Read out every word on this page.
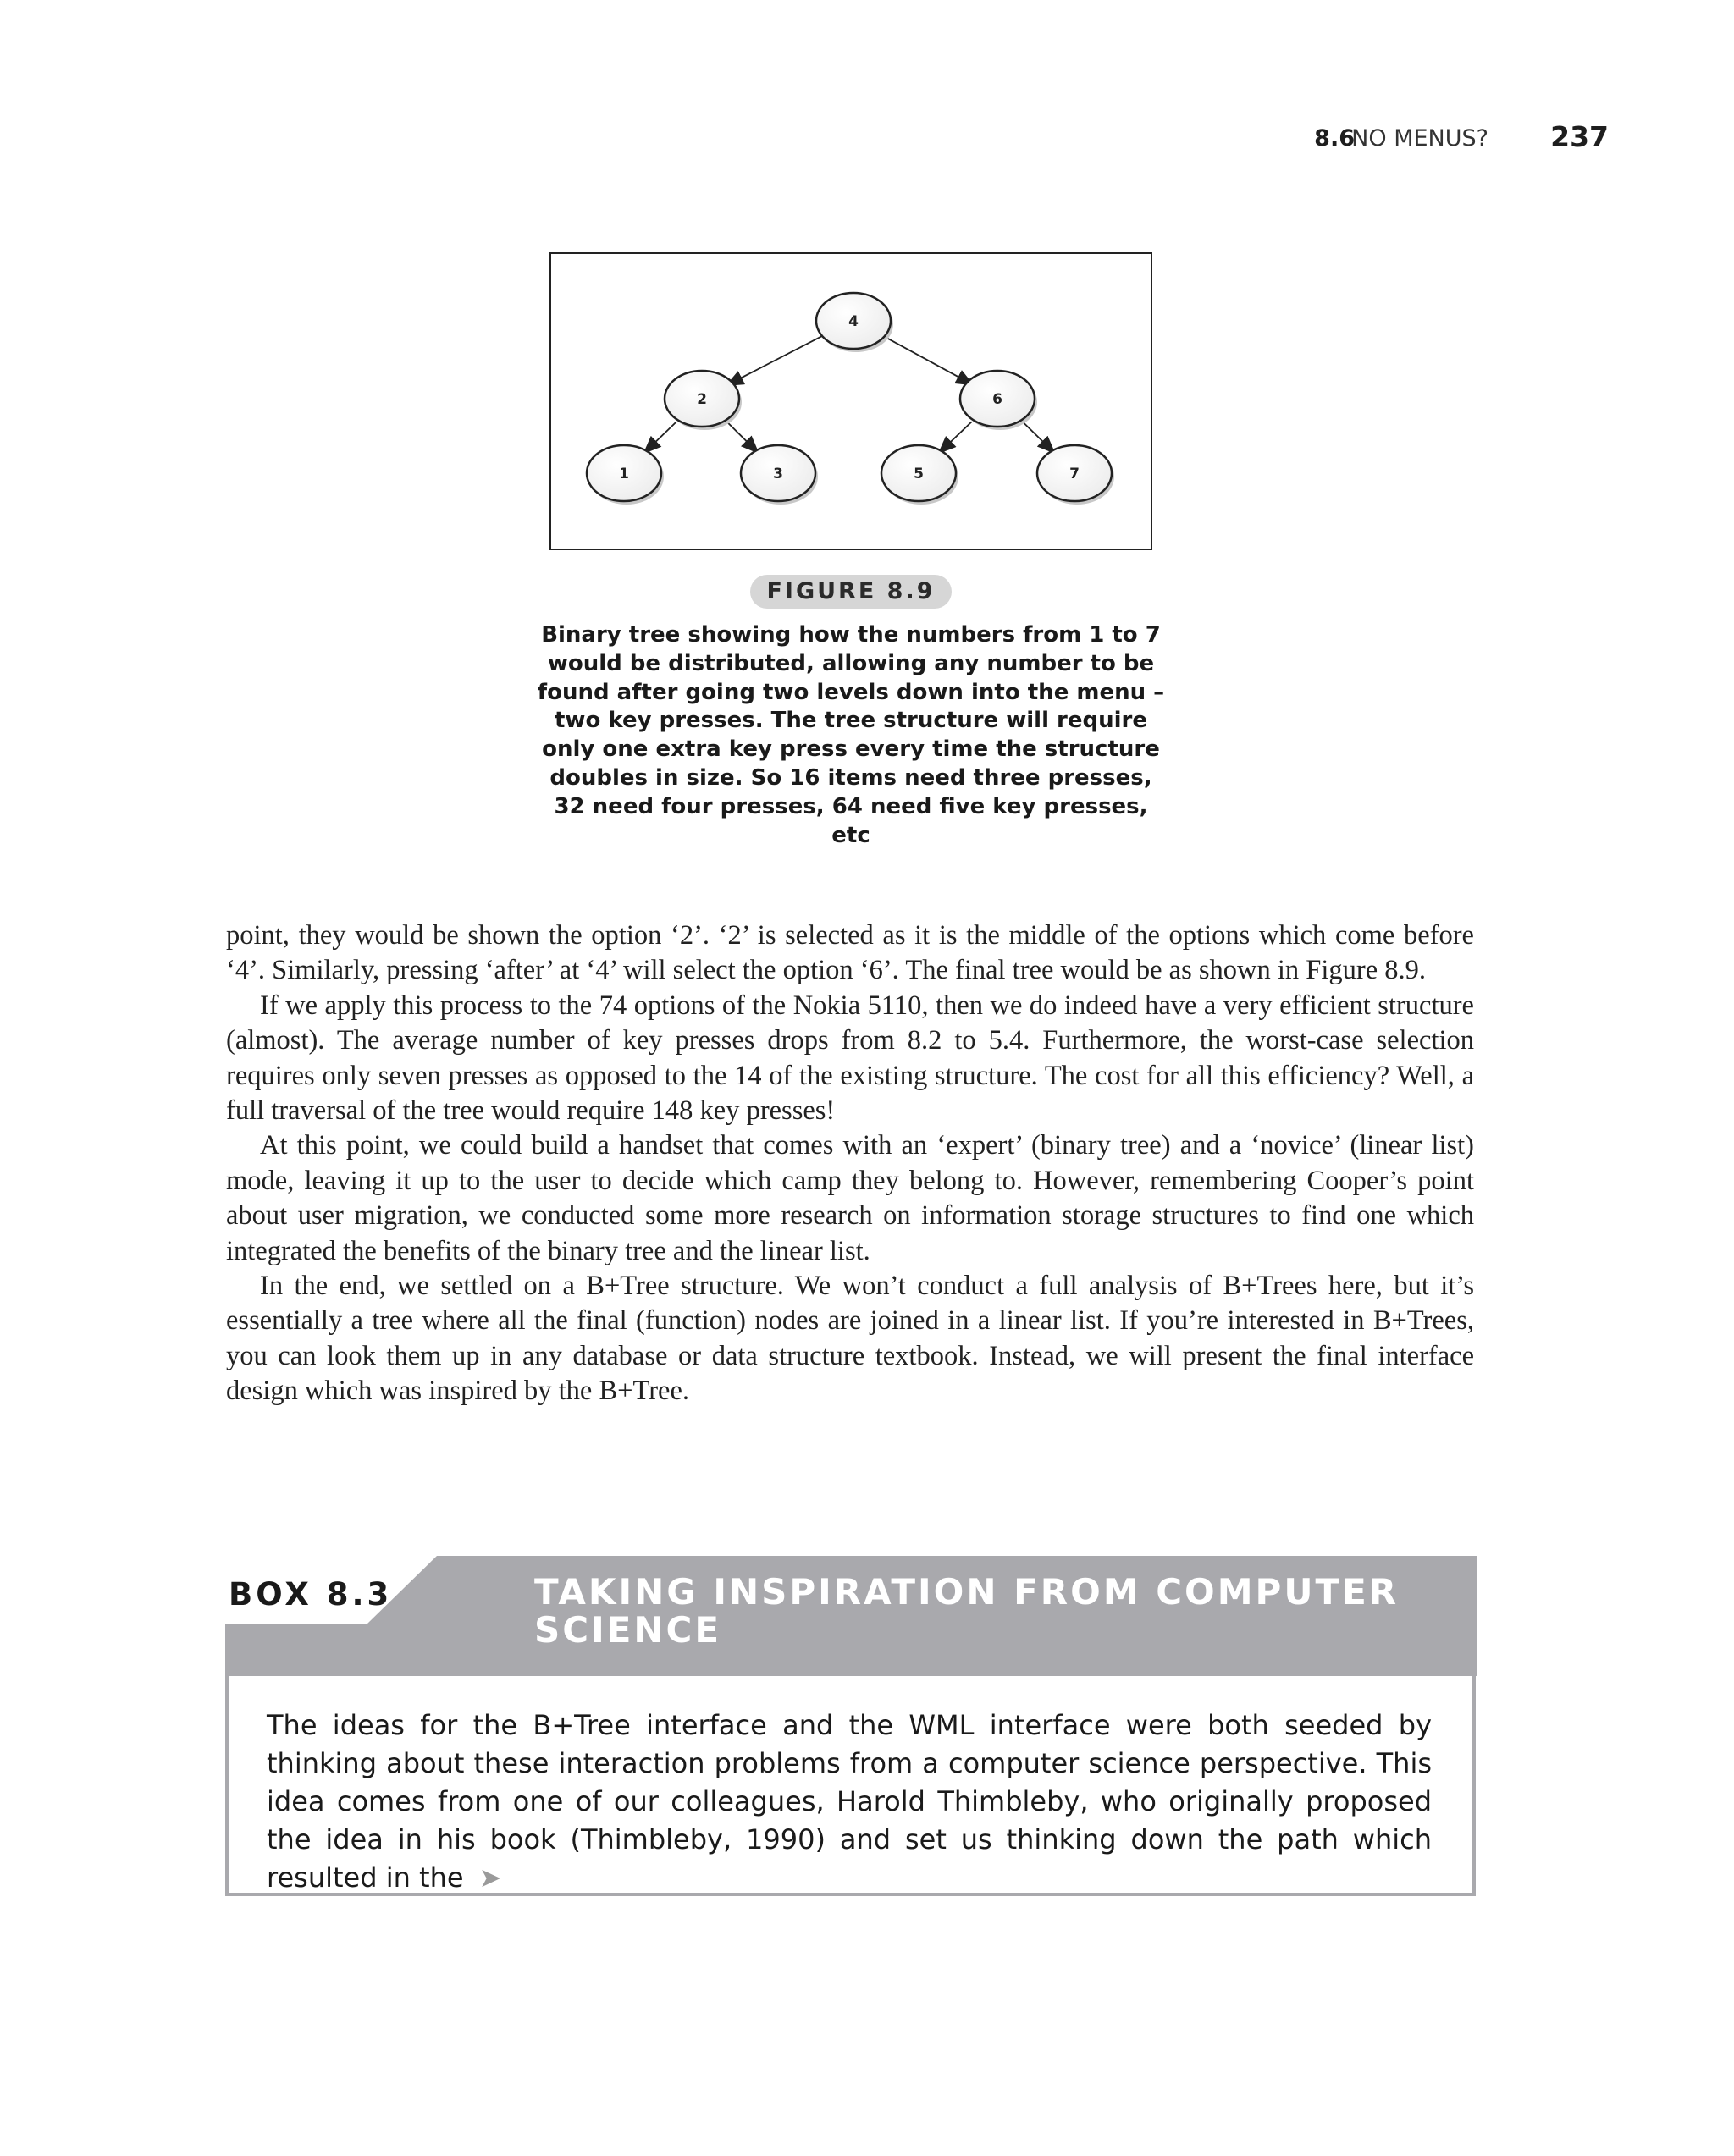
8.6
NO MENUS? 237
4
2	6
1	3	5	7
FIGURE 8.9
Binary tree showing how the numbers from 1 to 7 would be distributed, allowing any number to be found after going two levels down into the menu – two key presses. The tree structure will require only one extra key press every time the structure doubles in size. So 16 items need three presses, 32 need four presses, 64 need five key presses, etc

point, they would be shown the option ‘2’. ‘2’ is selected as it is the middle of the options which come before ‘4’. Similarly, pressing ‘after’ at ‘4’ will select the option ‘6’. The final tree would be as shown in Figure 8.9.

If we apply this process to the 74 options of the Nokia 5110, then we do indeed have a very efficient structure (almost). The average number of key presses drops from 8.2 to 5.4. Furthermore, the worst-case selection requires only seven presses as opposed to the 14 of the existing structure. The cost for all this efficiency? Well, a full traversal of the tree would require 148 key presses!

At this point, we could build a handset that comes with an ‘expert’ (binary tree) and a ‘novice’ (linear list) mode, leaving it up to the user to decide which camp they belong to. However, remembering Cooper’s point about user migration, we conducted some more research on information storage structures to find one which integrated the benefits of the binary tree and the linear list.

In the end, we settled on a B+Tree structure. We won’t conduct a full analysis of B+Trees here, but it’s essentially a tree where all the final (function) nodes are joined in a linear list. If you’re interested in B+Trees, you can look them up in any database or data structure textbook. Instead, we will present the final interface design which was inspired by the B+Tree.

BOX 8.3	TAKING INSPIRATION FROM COMPUTER SCIENCE
The ideas for the B+Tree interface and the WML interface were both seeded by thinking about these interaction problems from a computer science perspective. This idea comes from one of our colleagues, Harold Thimbleby, who originally proposed the idea in his book (Thimbleby, 1990) and set us thinking down the path which resulted in the ➤
